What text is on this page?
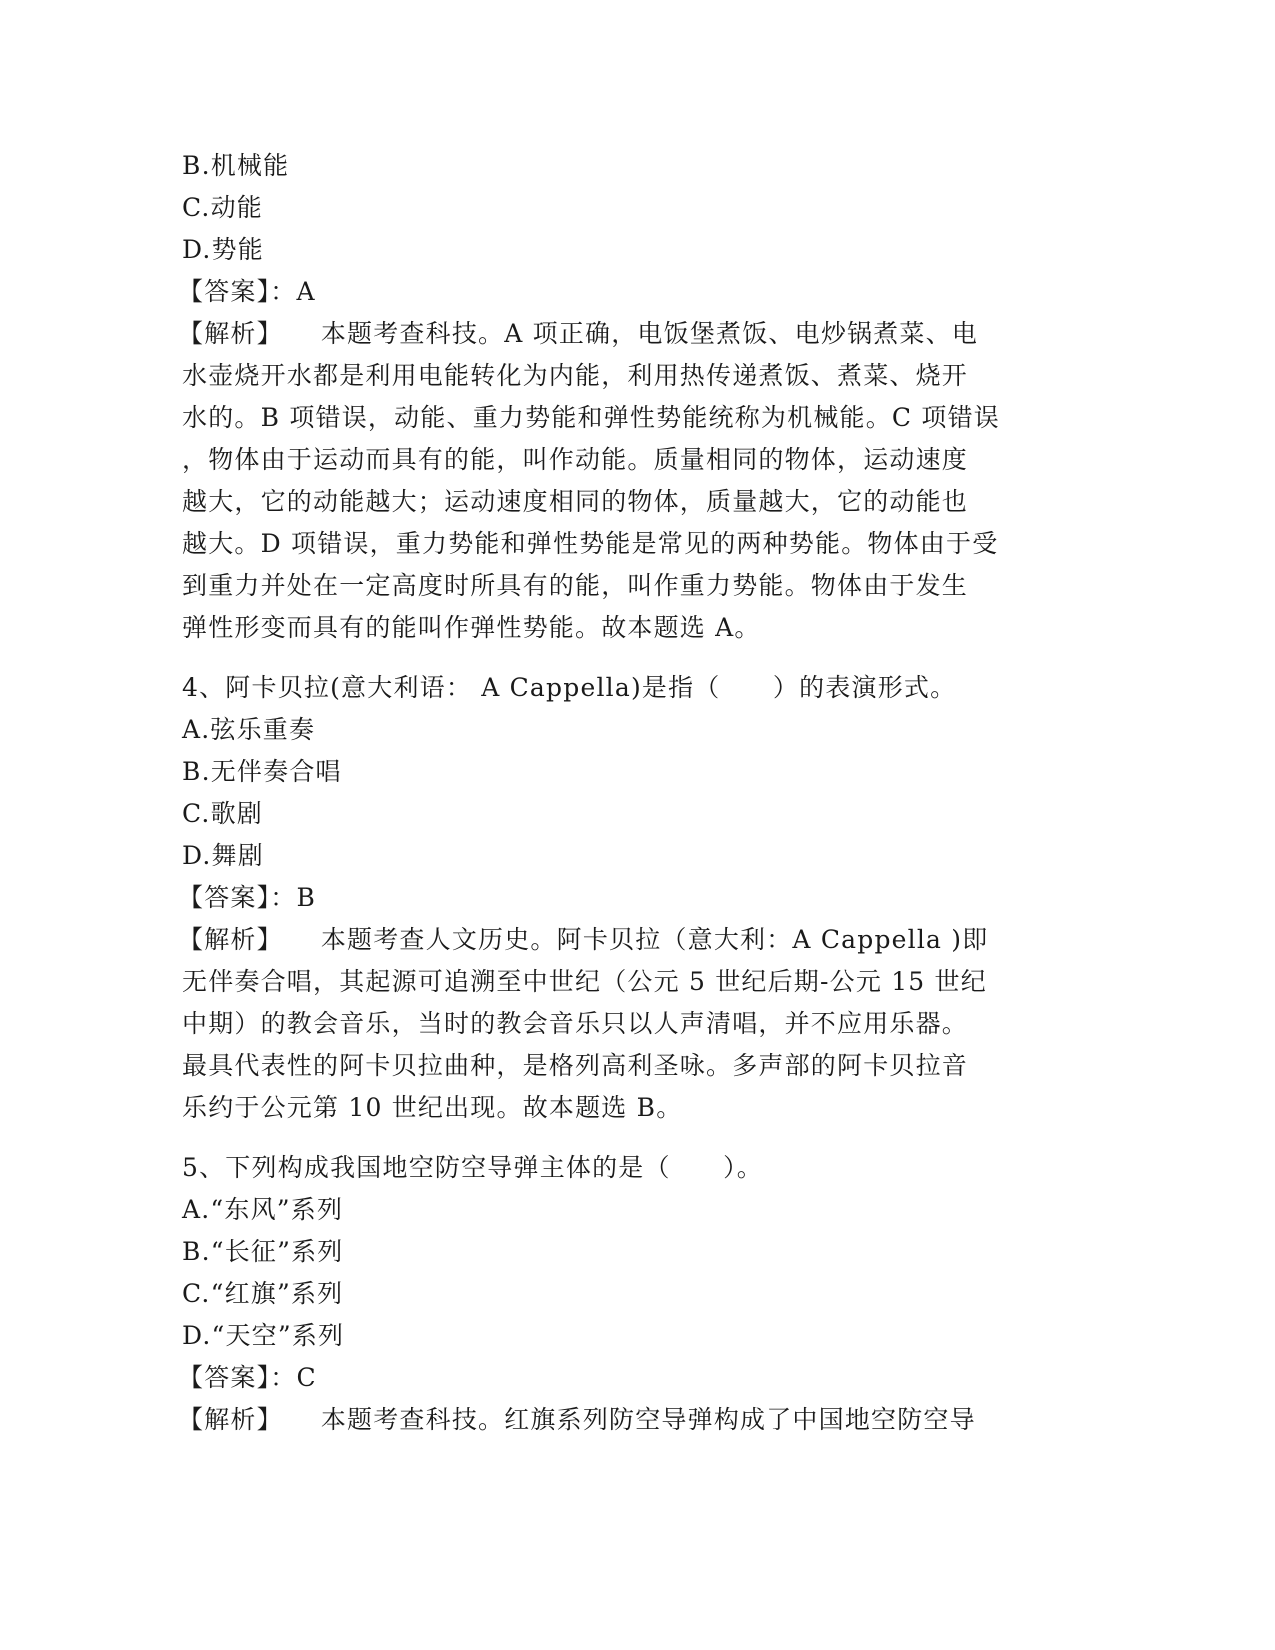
B.机械能
C.动能
D.势能
【答案】：A
【解析】 本题考查科技。A 项正确，电饭堡煮饭、电炒锅煮菜、电
水壶烧开水都是利用电能转化为内能，利用热传递煮饭、煮菜、烧开
水的。B 项错误，动能、重力势能和弹性势能统称为机械能。C 项错误
，物体由于运动而具有的能，叫作动能。质量相同的物体，运动速度
越大，它的动能越大；运动速度相同的物体，质量越大，它的动能也
越大。D 项错误，重力势能和弹性势能是常见的两种势能。物体由于受
到重力并处在一定高度时所具有的能，叫作重力势能。物体由于发生
弹性形变而具有的能叫作弹性势能。故本题选 A。
4、阿卡贝拉(意大利语： A Cappella)是指（　　）的表演形式。
A.弦乐重奏
B.无伴奏合唱
C.歌剧
D.舞剧
【答案】：B
【解析】 本题考查人文历史。阿卡贝拉（意大利：A Cappella )即
无伴奏合唱，其起源可追溯至中世纪（公元 5 世纪后期-公元 15 世纪
中期）的教会音乐，当时的教会音乐只以人声清唱，并不应用乐器。
最具代表性的阿卡贝拉曲种，是格列高利圣咏。多声部的阿卡贝拉音
乐约于公元第 10 世纪出现。故本题选 B。
5、下列构成我国地空防空导弹主体的是（　　）。
A.“东风”系列
B.“长征”系列
C.“红旗”系列
D.“天空”系列
【答案】：C
【解析】 本题考查科技。红旗系列防空导弹构成了中国地空防空导
